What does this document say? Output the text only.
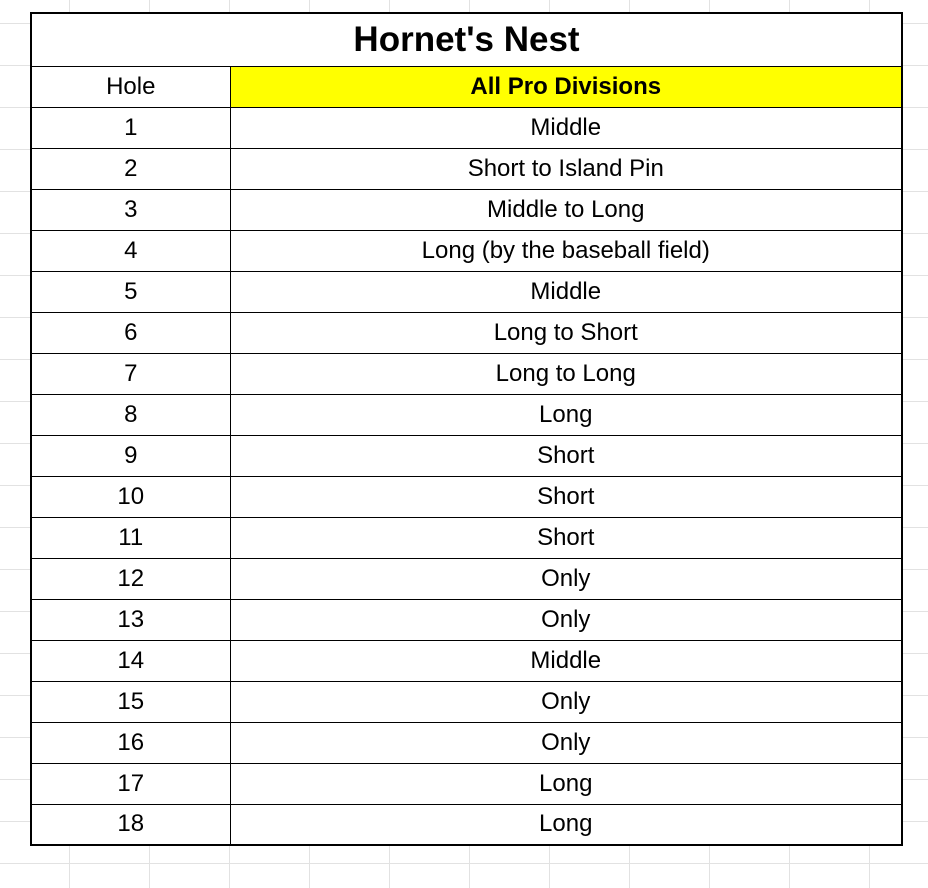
Hornet's Nest	
Hole	All Pro Divisions
1	Middle
2	Short to Island Pin
3	Middle to Long
4	Long (by the baseball field)
5	Middle
6	Long to Short
7	Long to Long
8	Long
9	Short
10	Short
11	Short
12	Only
13	Only
14	Middle
15	Only
16	Only
17	Long
18	Long
